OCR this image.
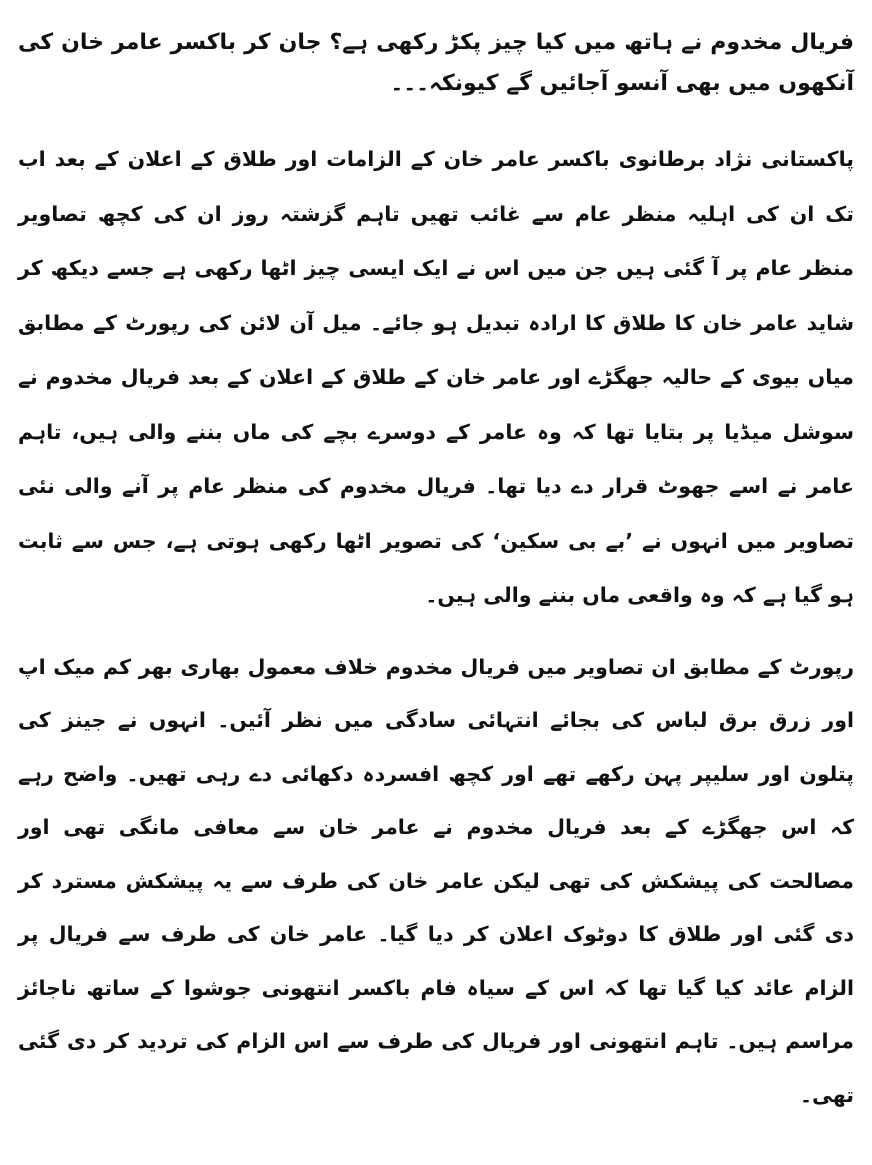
فریال مخدوم نے ہاتھ میں کیا چیز پکڑ رکھی ہے؟ جان کر باکسر عامر خان کی آنکھوں میں بھی آنسو آجائیں گے کیونکہ۔۔۔

پاکستانی نژاد برطانوی باکسر عامر خان کے الزامات اور طلاق کے اعلان کے بعد اب تک ان کی اہلیہ منظر عام سے غائب تھیں تاہم گزشتہ روز ان کی کچھ تصاویر منظر عام پر آ گئی ہیں جن میں اس نے ایک ایسی چیز اٹھا رکھی ہے جسے دیکھ کر شاید عامر خان کا طلاق کا ارادہ تبدیل ہو جائے۔ میل آن لائن کی رپورٹ کے مطابق میاں بیوی کے حالیہ جھگڑے اور عامر خان کے طلاق کے اعلان کے بعد فریال مخدوم نے سوشل میڈیا پر بتایا تھا کہ وہ عامر کے دوسرے بچے کی ماں بننے والی ہیں، تاہم عامر نے اسے جھوٹ قرار دے دیا تھا۔ فریال مخدوم کی منظر عام پر آنے والی نئی تصاویر میں انہوں نے ’بے بی سکین‘ کی تصویر اٹھا رکھی ہوتی ہے، جس سے ثابت ہو گیا ہے کہ وہ واقعی ماں بننے والی ہیں۔

رپورٹ کے مطابق ان تصاویر میں فریال مخدوم خلاف معمول بھاری بھر کم میک اپ اور زرق برق لباس کی بجائے انتہائی سادگی میں نظر آئیں۔ انہوں نے جینز کی پتلون اور سلیپر پہن رکھے تھے اور کچھ افسردہ دکھائی دے رہی تھیں۔ واضح رہے کہ اس جھگڑے کے بعد فریال مخدوم نے عامر خان سے معافی مانگی تھی اور مصالحت کی پیشکش کی تھی لیکن عامر خان کی طرف سے یہ پیشکش مسترد کر دی گئی اور طلاق کا دوٹوک اعلان کر دیا گیا۔ عامر خان کی طرف سے فریال پر الزام عائد کیا گیا تھا کہ اس کے سیاہ فام باکسر انتھونی جوشوا کے ساتھ ناجائز مراسم ہیں۔ تاہم انتھونی اور فریال کی طرف سے اس الزام کی تردید کر دی گئی تھی۔
